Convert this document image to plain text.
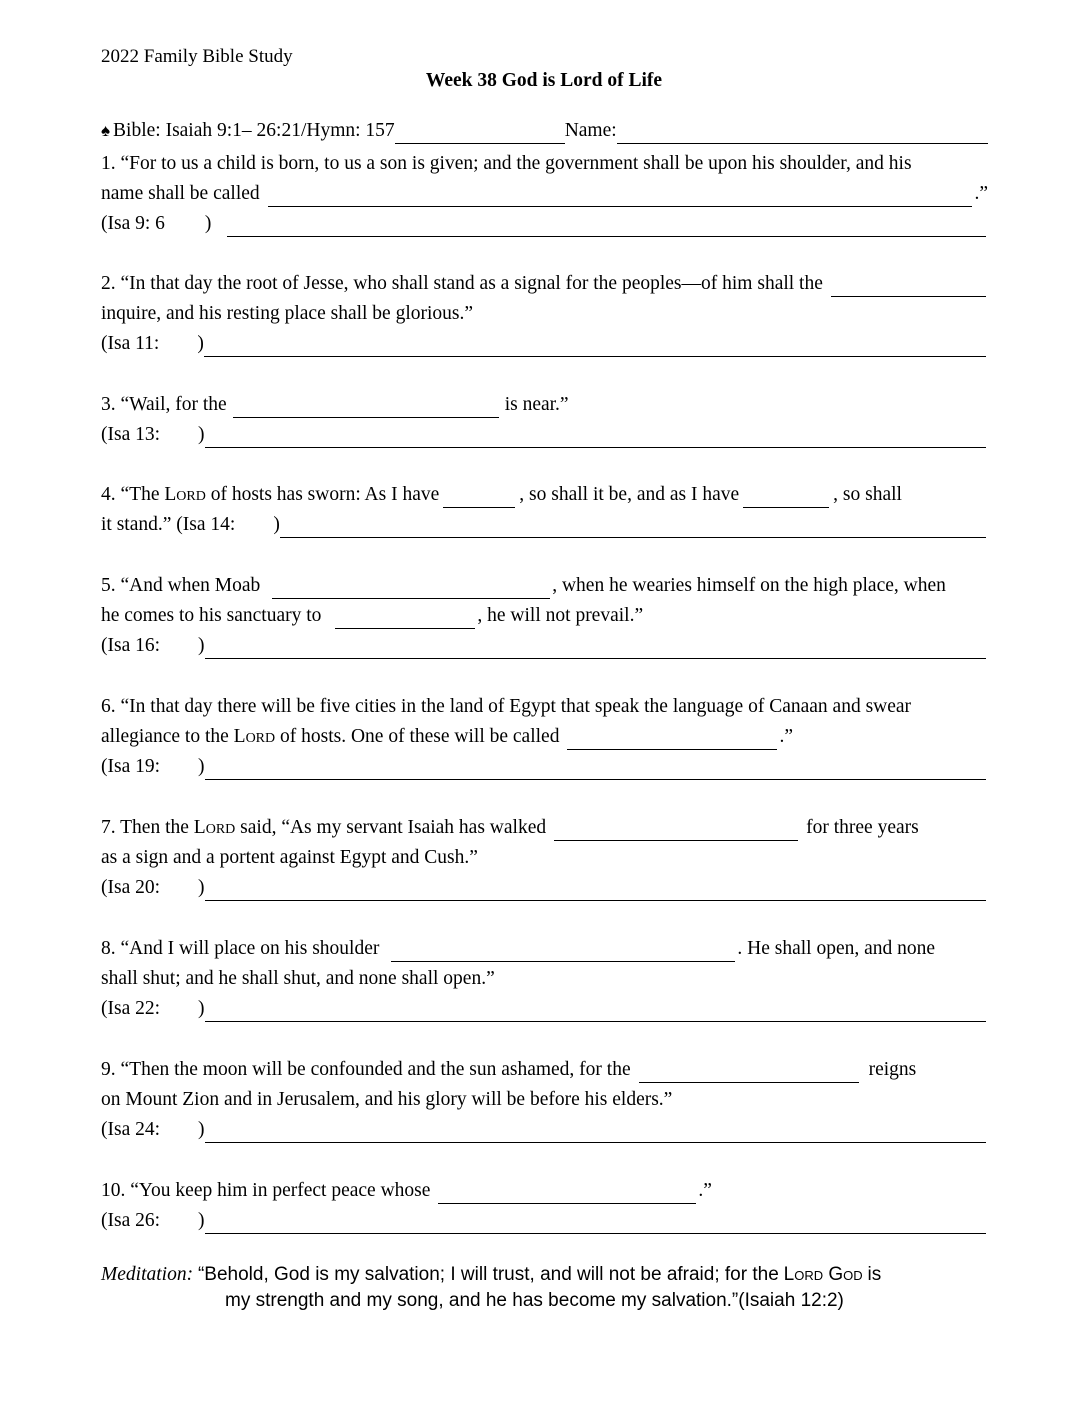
2022 Family Bible Study
Week 38 God is Lord of Life
♠ Bible: Isaiah 9:1– 26:21/Hymn: 157	Name:
1. “For to us a child is born, to us a son is given; and the government shall be upon his shoulder, and his
name shall be called	.”
(Isa 9: 6 )
2. “In that day the root of Jesse, who shall stand as a signal for the peoples—of him shall the
inquire, and his resting place shall be glorious.”
(Isa 11: )
3. “Wail, for the	is near.”
(Isa 13: )
4. “The
Lord
of hosts has sworn: As I have	, so shall it be, and as I have	, so shall
it stand.” (Isa 14: )
5. “And when Moab	, when he wearies himself on the high place, when
he comes to his sanctuary to	, he will not prevail.”
(Isa 16: )
6. “In that day there will be five cities in the land of Egypt that speak the language of Canaan and swear
allegiance to the
Lord
of hosts. One of these will be called	.”
(Isa 19: )
7. Then the
Lord
said, “As my servant Isaiah has walked	for three years
as a sign and a portent against Egypt and Cush.”
(Isa 20: )
8. “And I will place on his shoulder	. He shall open, and none
shall shut; and he shall shut, and none shall open.”
(Isa 22: )
9. “Then the moon will be confounded and the sun ashamed, for the	reigns
on Mount Zion and in Jerusalem, and his glory will be before his elders.”
(Isa 24: )
10. “You keep him in perfect peace whose	.”
(Isa 26: )
Meditation: “Behold, God is my salvation; I will trust, and will not be afraid; for the Lord God is
my strength and my song, and he has become my salvation.”(Isaiah 12:2)
